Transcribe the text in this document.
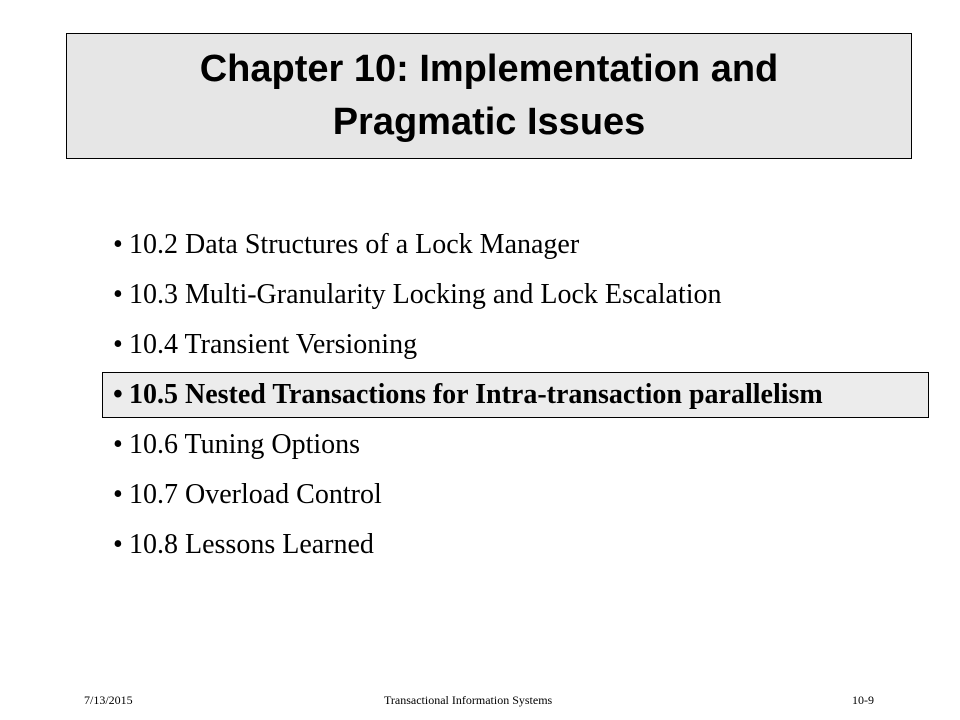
Chapter 10: Implementation and
Pragmatic Issues
• 10.2 Data Structures of a Lock Manager
• 10.3 Multi-Granularity Locking and Lock Escalation
• 10.4 Transient Versioning
• 10.5 Nested Transactions for Intra-transaction parallelism
• 10.6 Tuning Options
• 10.7 Overload Control
• 10.8 Lessons Learned
7/13/2015	Transactional Information Systems	10-9
